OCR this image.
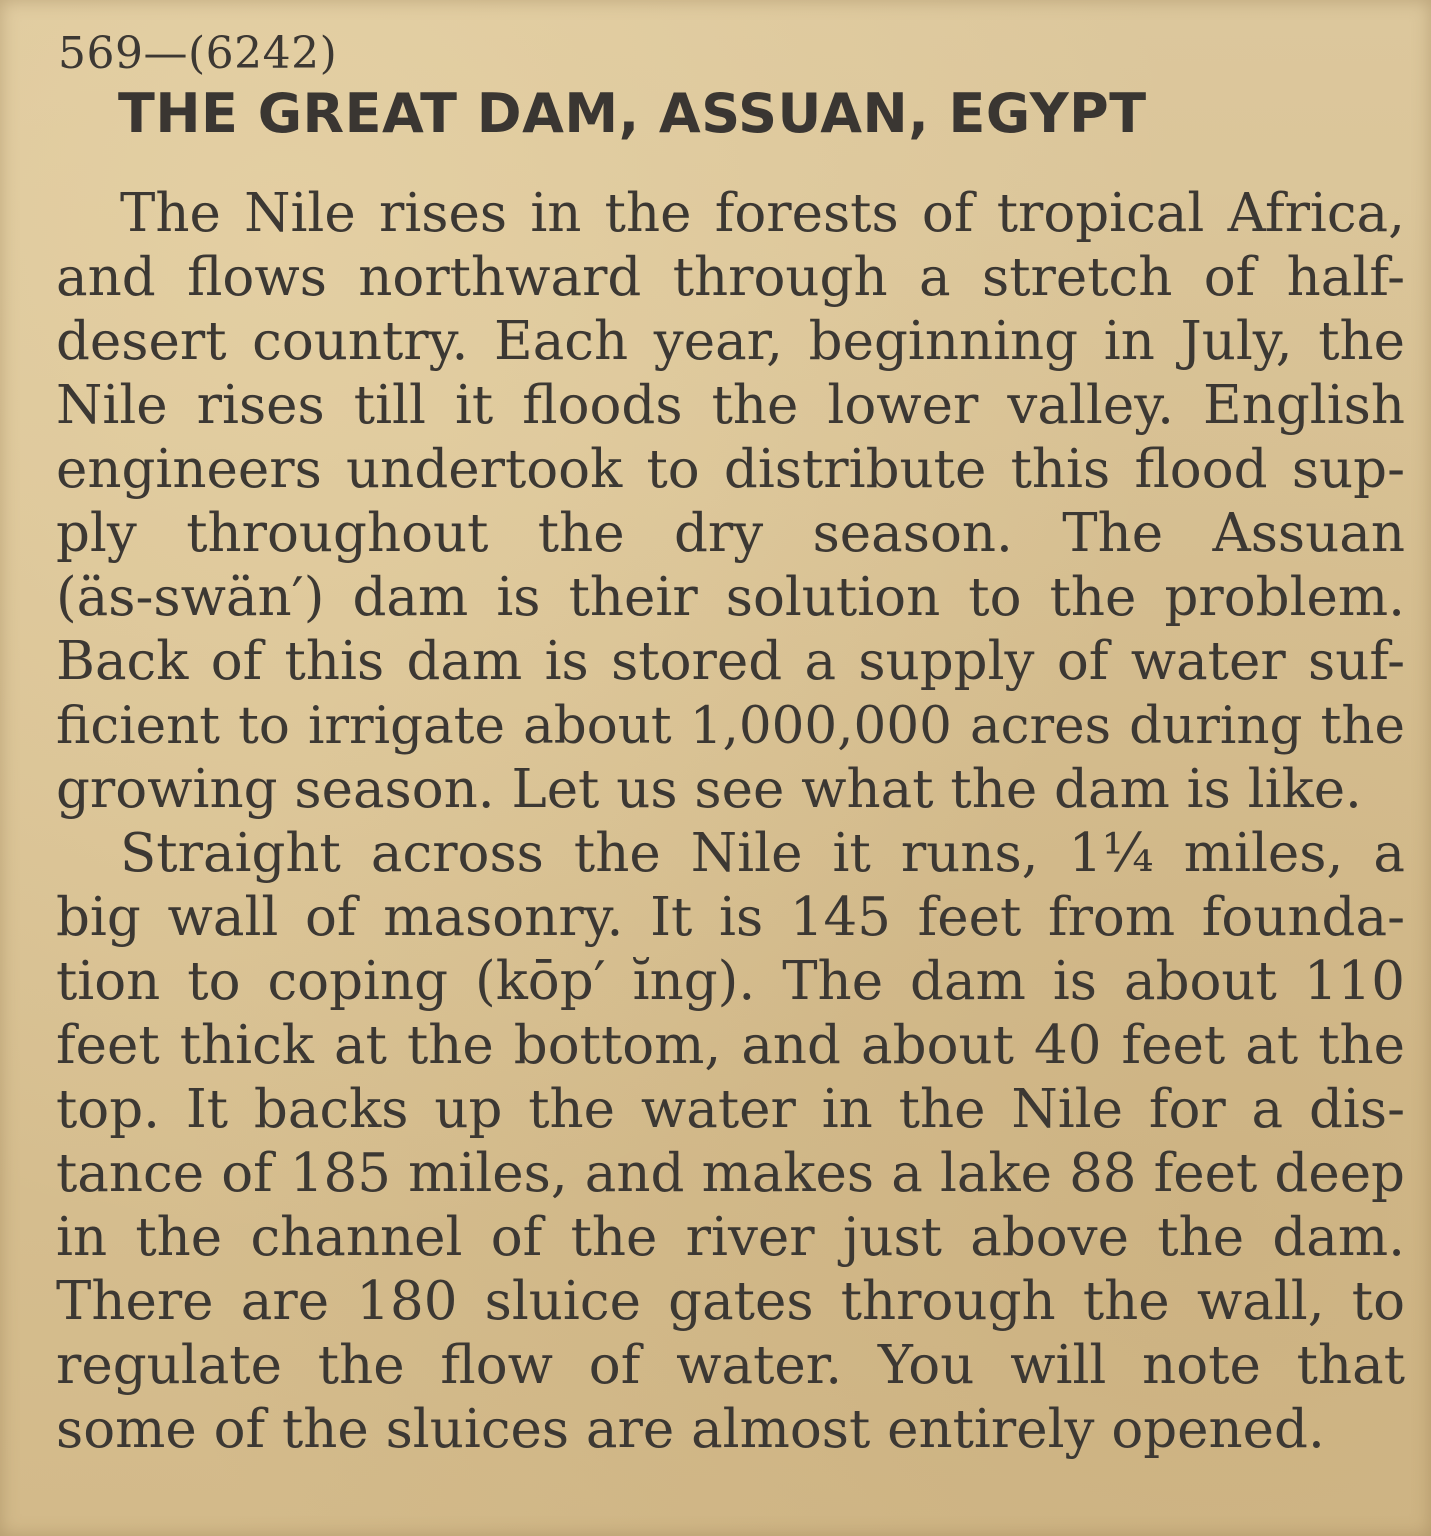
569—(6242)

THE GREAT DAM, ASSUAN, EGYPT

The Nile rises in the forests of tropical Africa,

and flows northward through a stretch of half-

desert country. Each year, beginning in July, the

Nile rises till it floods the lower valley. English

engineers undertook to distribute this flood sup-

ply throughout the dry season. The Assuan

(äs-swän′) dam is their solution to the problem.

Back of this dam is stored a supply of water suf-

ficient to irrigate about 1,000,000 acres during the

growing season. Let us see what the dam is like.

Straight across the Nile it runs, 1¼ miles, a

big wall of masonry. It is 145 feet from founda-

tion to coping (kōp′ ĭng). The dam is about 110

feet thick at the bottom, and about 40 feet at the

top. It backs up the water in the Nile for a dis-

tance of 185 miles, and makes a lake 88 feet deep

in the channel of the river just above the dam.

There are 180 sluice gates through the wall, to

regulate the flow of water. You will note that

some of the sluices are almost entirely opened.
